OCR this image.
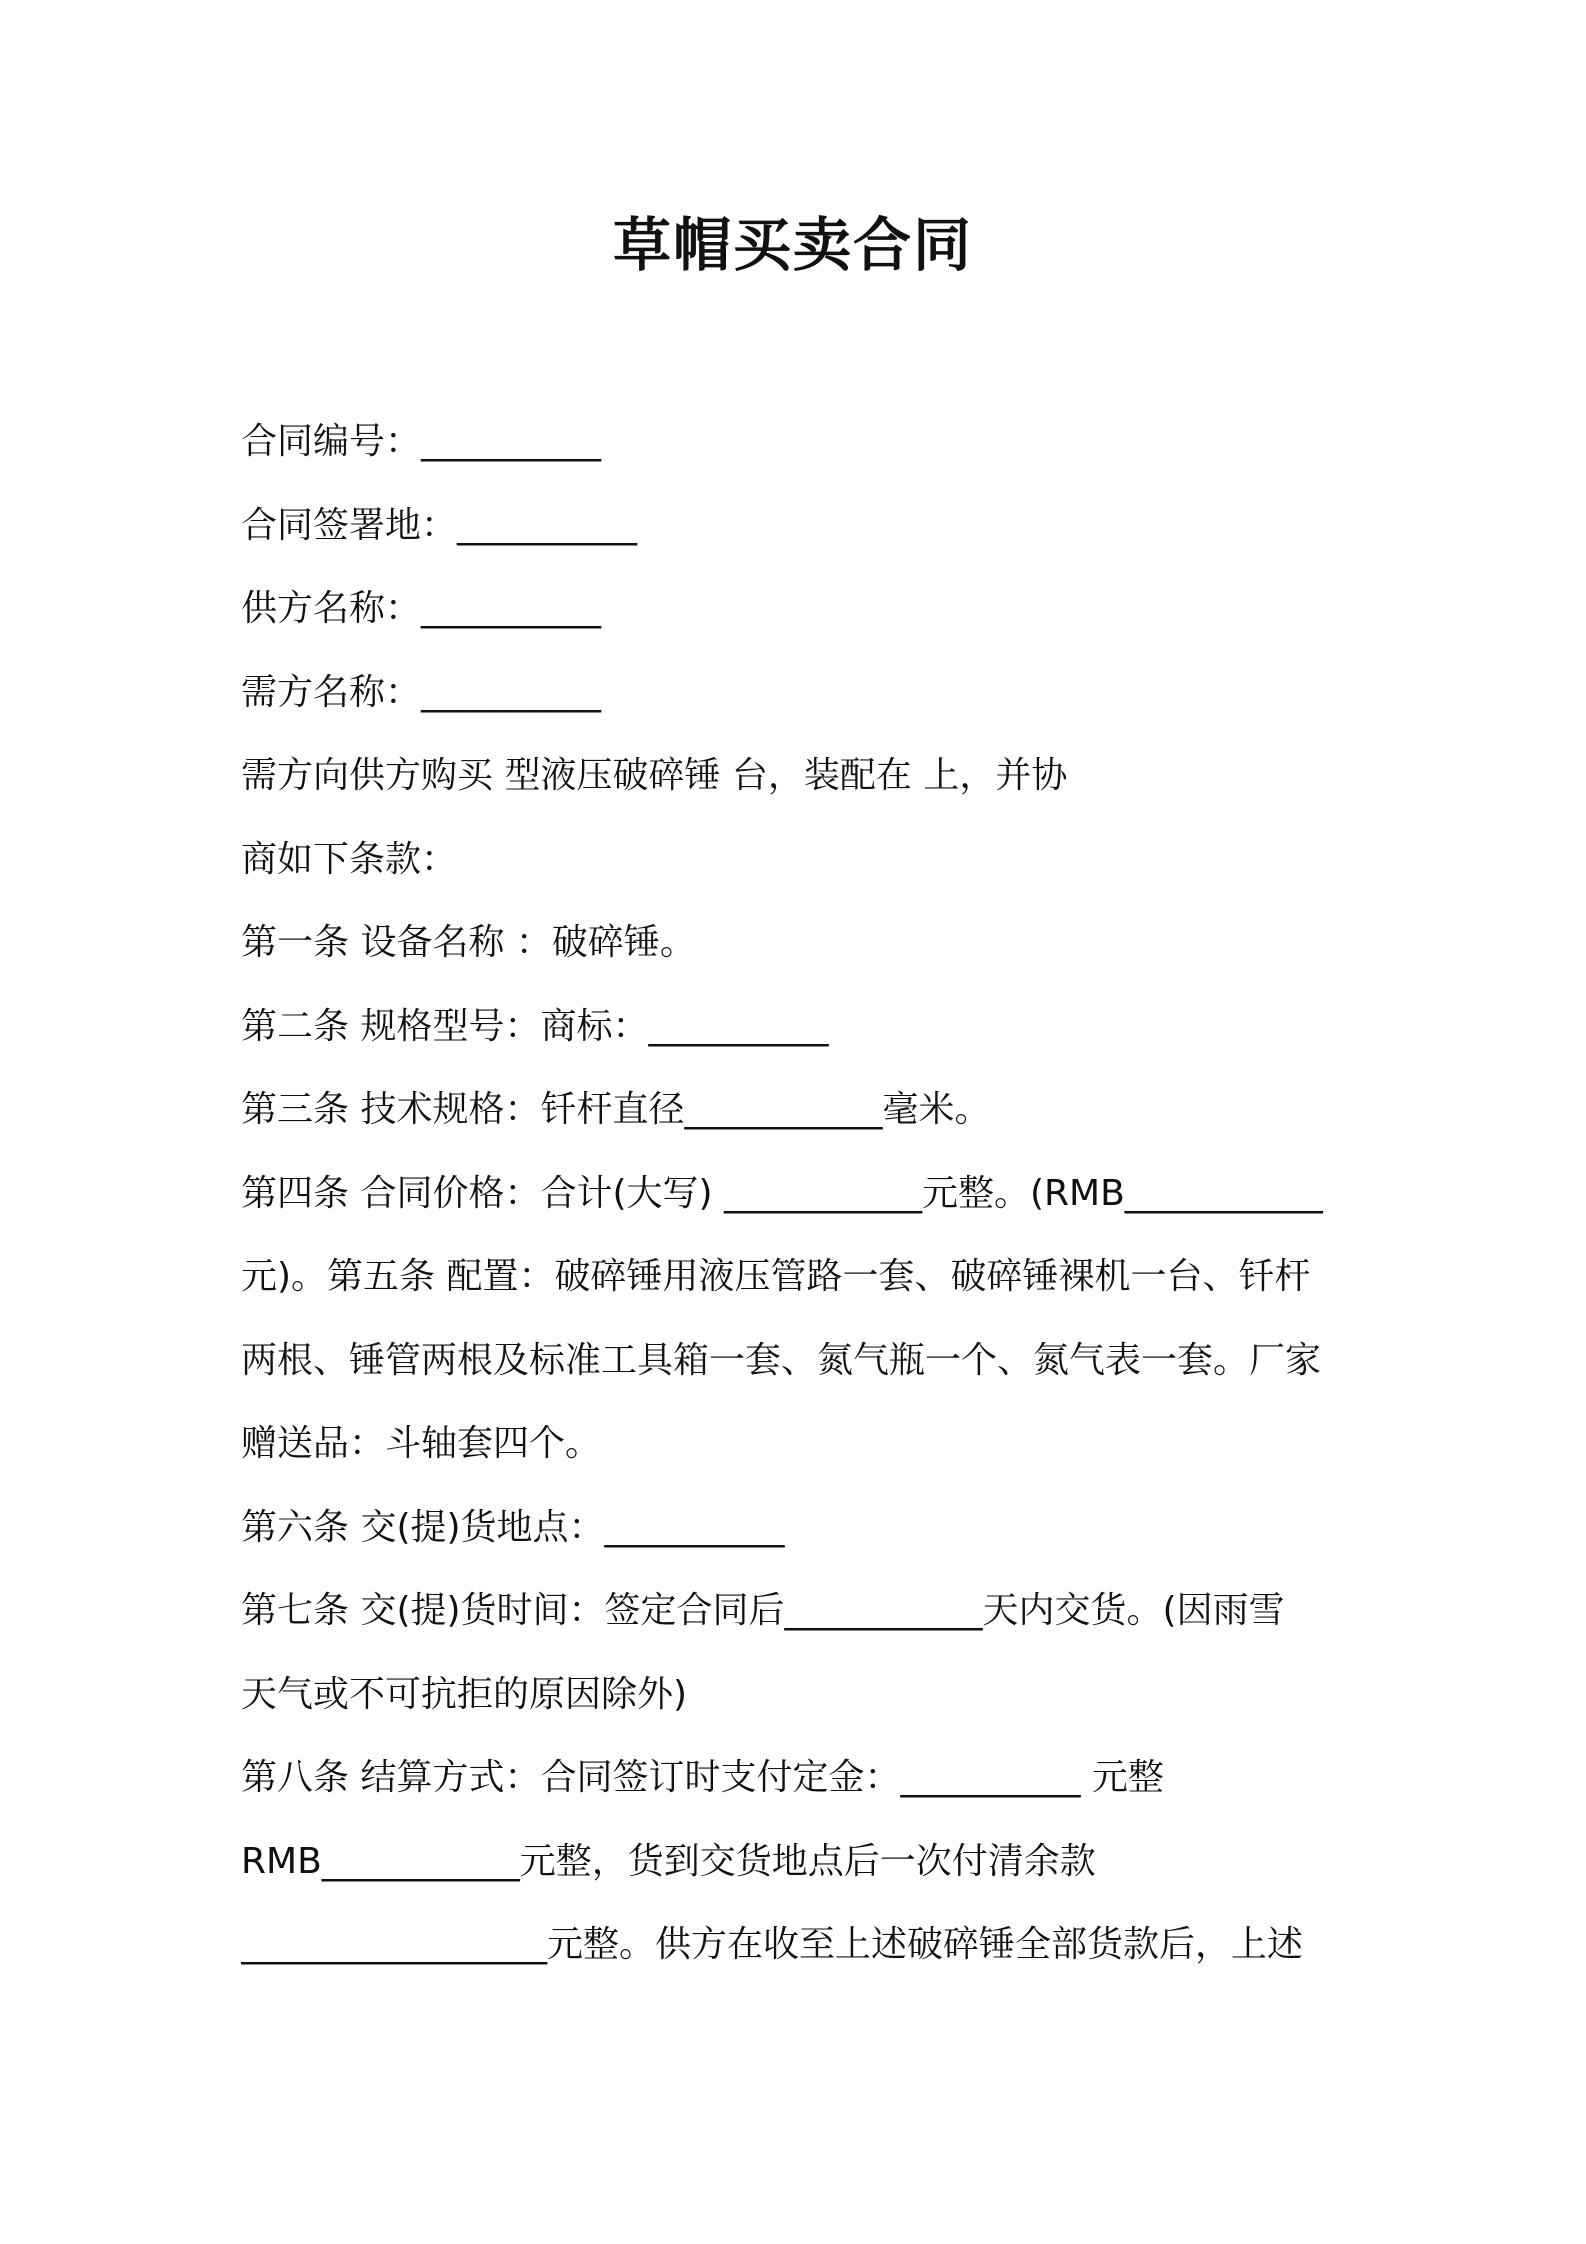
草帽买卖合同
合同编号：__________
合同签署地：__________
供方名称：__________
需方名称：__________
需方向供方购买 型液压破碎锤 台，装配在 上，并协
商如下条款：
第一条 设备名称 ：破碎锤。
第二条 规格型号：商标：__________
第三条 技术规格：钎杆直径___________毫米。
第四条 合同价格：合计(大写) ___________元整。(RMB___________
元)。第五条 配置：破碎锤用液压管路一套、破碎锤裸机一台、钎杆
两根、锤管两根及标准工具箱一套、氮气瓶一个、氮气表一套。厂家
赠送品：斗轴套四个。
第六条 交(提)货地点：__________
第七条 交(提)货时间：签定合同后___________天内交货。(因雨雪
天气或不可抗拒的原因除外)
第八条 结算方式：合同签订时支付定金：__________ 元整
RMB___________元整，货到交货地点后一次付清余款
_________________元整。供方在收至上述破碎锤全部货款后，上述
